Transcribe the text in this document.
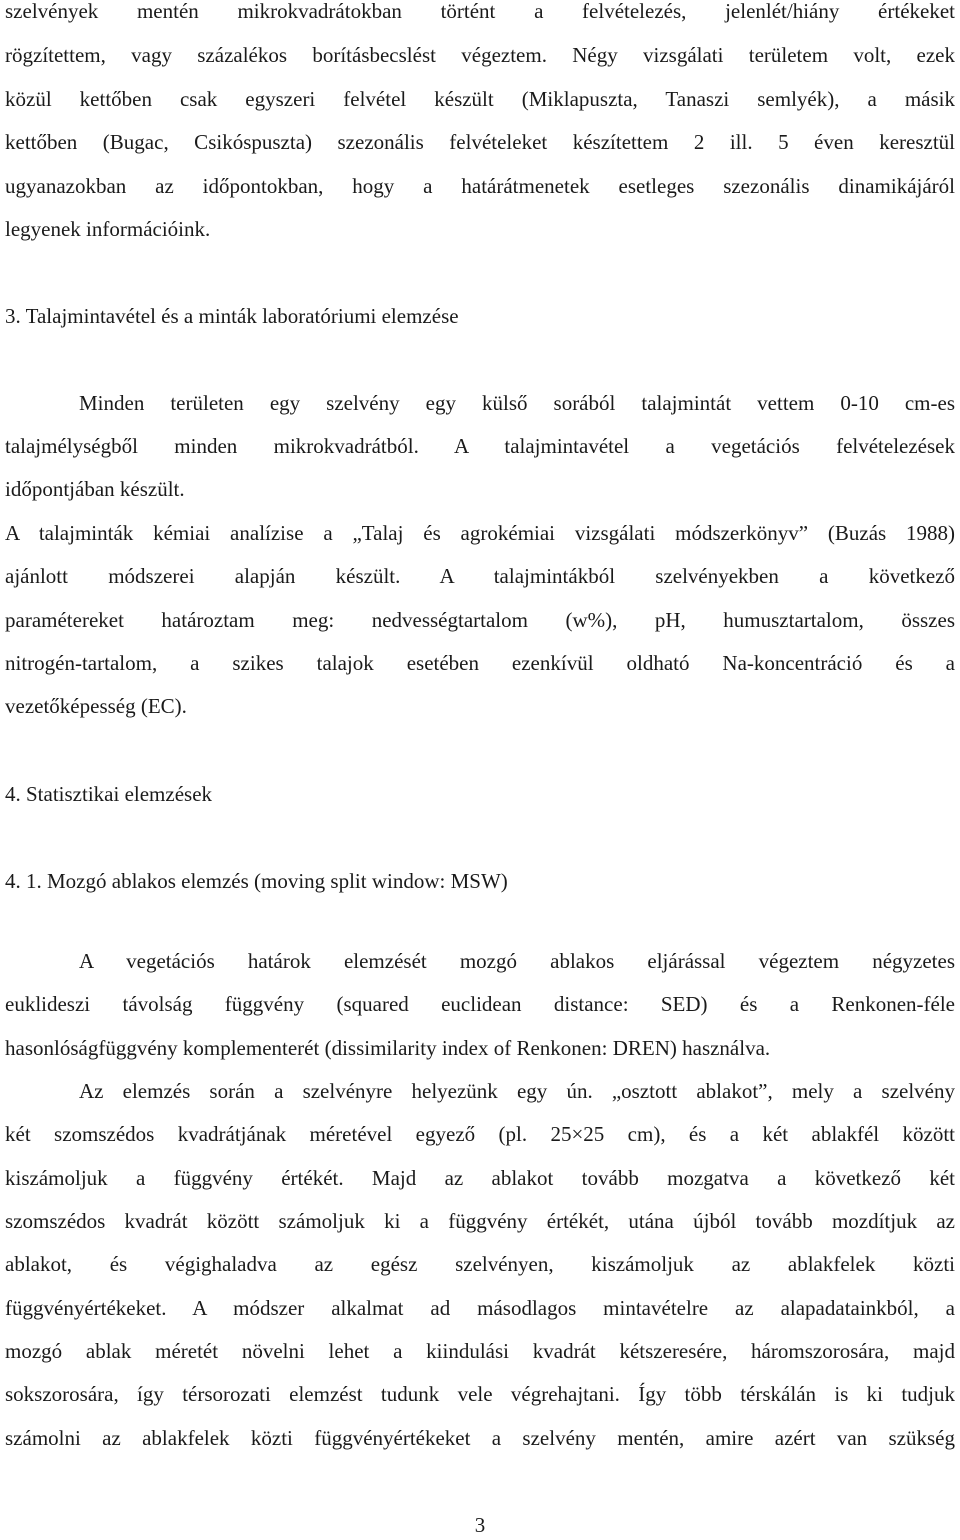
szelvények mentén mikrokvadrátokban történt a felvételezés, jelenlét/hiány értékeket
rögzítettem, vagy százalékos borításbecslést végeztem. Négy vizsgálati területem volt, ezek
közül kettőben csak egyszeri felvétel készült (Miklapuszta, Tanaszi semlyék), a másik
kettőben (Bugac, Csikóspuszta) szezonális felvételeket készítettem 2 ill. 5 éven keresztül
ugyanazokban az időpontokban, hogy a határátmenetek esetleges szezonális dinamikájáról
legyenek információink.
3. Talajmintavétel és a minták laboratóriumi elemzése
Minden területen egy szelvény egy külső sorából talajmintát vettem 0-10 cm-es
talajmélységből minden mikrokvadrátból. A talajmintavétel a vegetációs felvételezések
időpontjában készült.
A talajminták kémiai analízise a „Talaj és agrokémiai vizsgálati módszerkönyv” (Buzás 1988)
ajánlott módszerei alapján készült. A talajmintákból szelvényekben a következő
paramétereket határoztam meg: nedvességtartalom (w%), pH, humusztartalom, összes
nitrogén-tartalom, a szikes talajok esetében ezenkívül oldható Na-koncentráció és a
vezetőképesség (EC).
4. Statisztikai elemzések
4. 1. Mozgó ablakos elemzés (moving split window: MSW)
A vegetációs határok elemzését mozgó ablakos eljárással végeztem négyzetes
euklideszi távolság függvény (squared euclidean distance: SED) és a Renkonen-féle
hasonlóságfüggvény komplementerét (dissimilarity index of Renkonen: DREN) használva.
Az elemzés során a szelvényre helyezünk egy ún. „osztott ablakot”, mely a szelvény
két szomszédos kvadrátjának méretével egyező (pl. 25×25 cm), és a két ablakfél között
kiszámoljuk a függvény értékét. Majd az ablakot tovább mozgatva a következő két
szomszédos kvadrát között számoljuk ki a függvény értékét, utána újból tovább mozdítjuk az
ablakot, és végighaladva az egész szelvényen, kiszámoljuk az ablakfelek közti
függvényértékeket. A módszer alkalmat ad másodlagos mintavételre az alapadatainkból, a
mozgó ablak méretét növelni lehet a kiindulási kvadrát kétszeresére, háromszorosára, majd
sokszorosára, így térsorozati elemzést tudunk vele végrehajtani. Így több térskálán is ki tudjuk
számolni az ablakfelek közti függvényértékeket a szelvény mentén, amire azért van szükség
3
